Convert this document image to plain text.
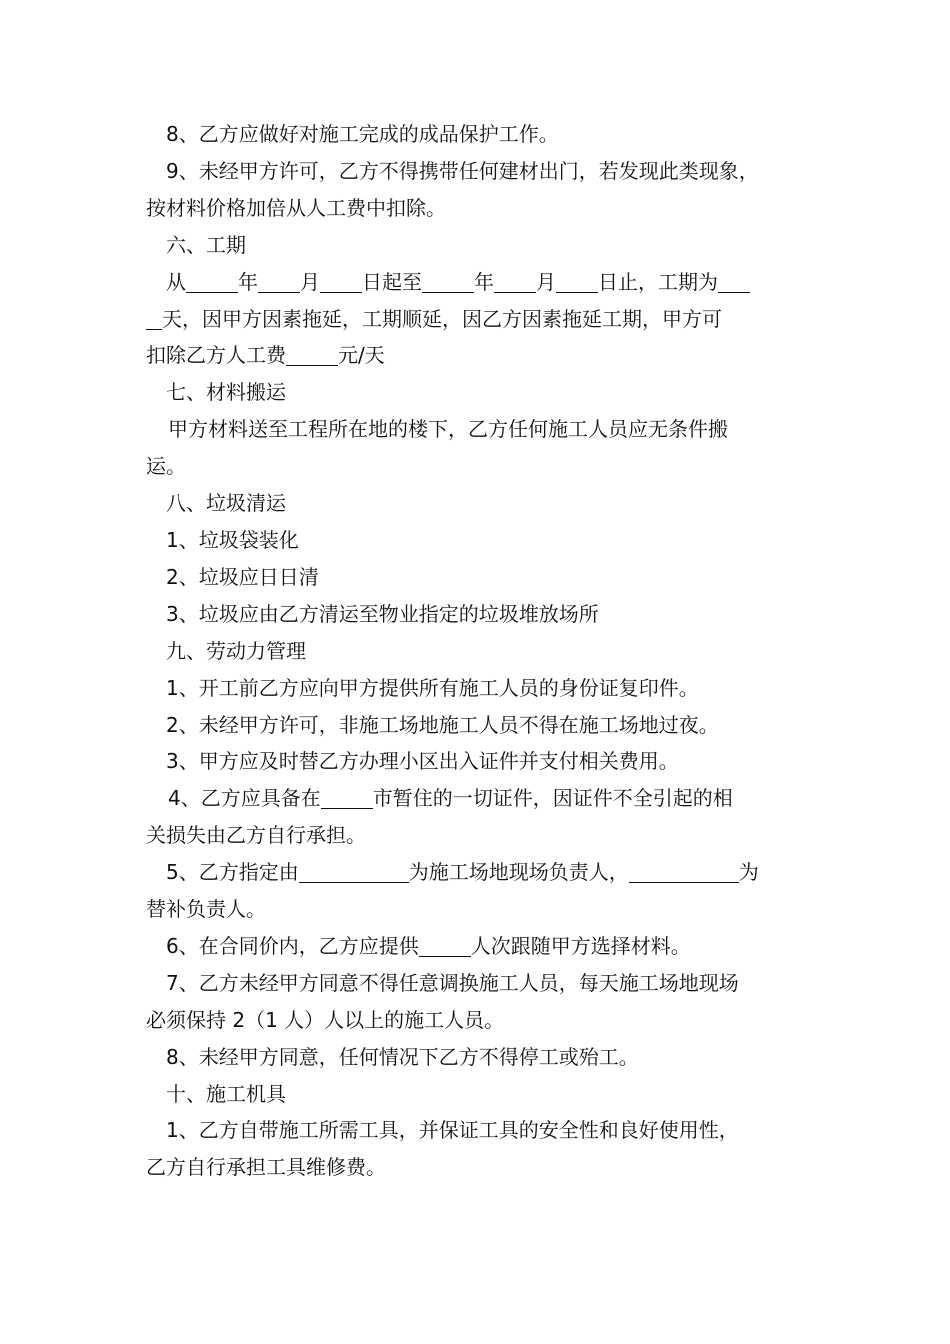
8、乙方应做好对施工完成的成品保护工作。

9、未经甲方许可，乙方不得携带任何建材出门，若发现此类现象，

按材料价格加倍从人工费中扣除。

六、工期

从	年 月 日起至	年 月 日止，工期为

天，因甲方因素拖延，工期顺延，因乙方因素拖延工期，甲方可

扣除乙方人工费	元/天

七、材料搬运

甲方材料送至工程所在地的楼下，乙方任何施工人员应无条件搬

运。

八、垃圾清运

1、垃圾袋装化

2、垃圾应日日清

3、垃圾应由乙方清运至物业指定的垃圾堆放场所

九、劳动力管理

1、开工前乙方应向甲方提供所有施工人员的身份证复印件。

2、未经甲方许可，非施工场地施工人员不得在施工场地过夜。

3、甲方应及时替乙方办理小区出入证件并支付相关费用。

4、乙方应具备在	市暂住的一切证件，因证件不全引起的相

关损失由乙方自行承担。

5、乙方指定由	为施工场地现场负责人，	为

替补负责人。

6、在合同价内，乙方应提供	人次跟随甲方选择材料。

7、乙方未经甲方同意不得任意调换施工人员，每天施工场地现场

必须保持 2（1 人）人以上的施工人员。

8、未经甲方同意，任何情况下乙方不得停工或殆工。

十、施工机具

1、乙方自带施工所需工具，并保证工具的安全性和良好使用性，

乙方自行承担工具维修费。
